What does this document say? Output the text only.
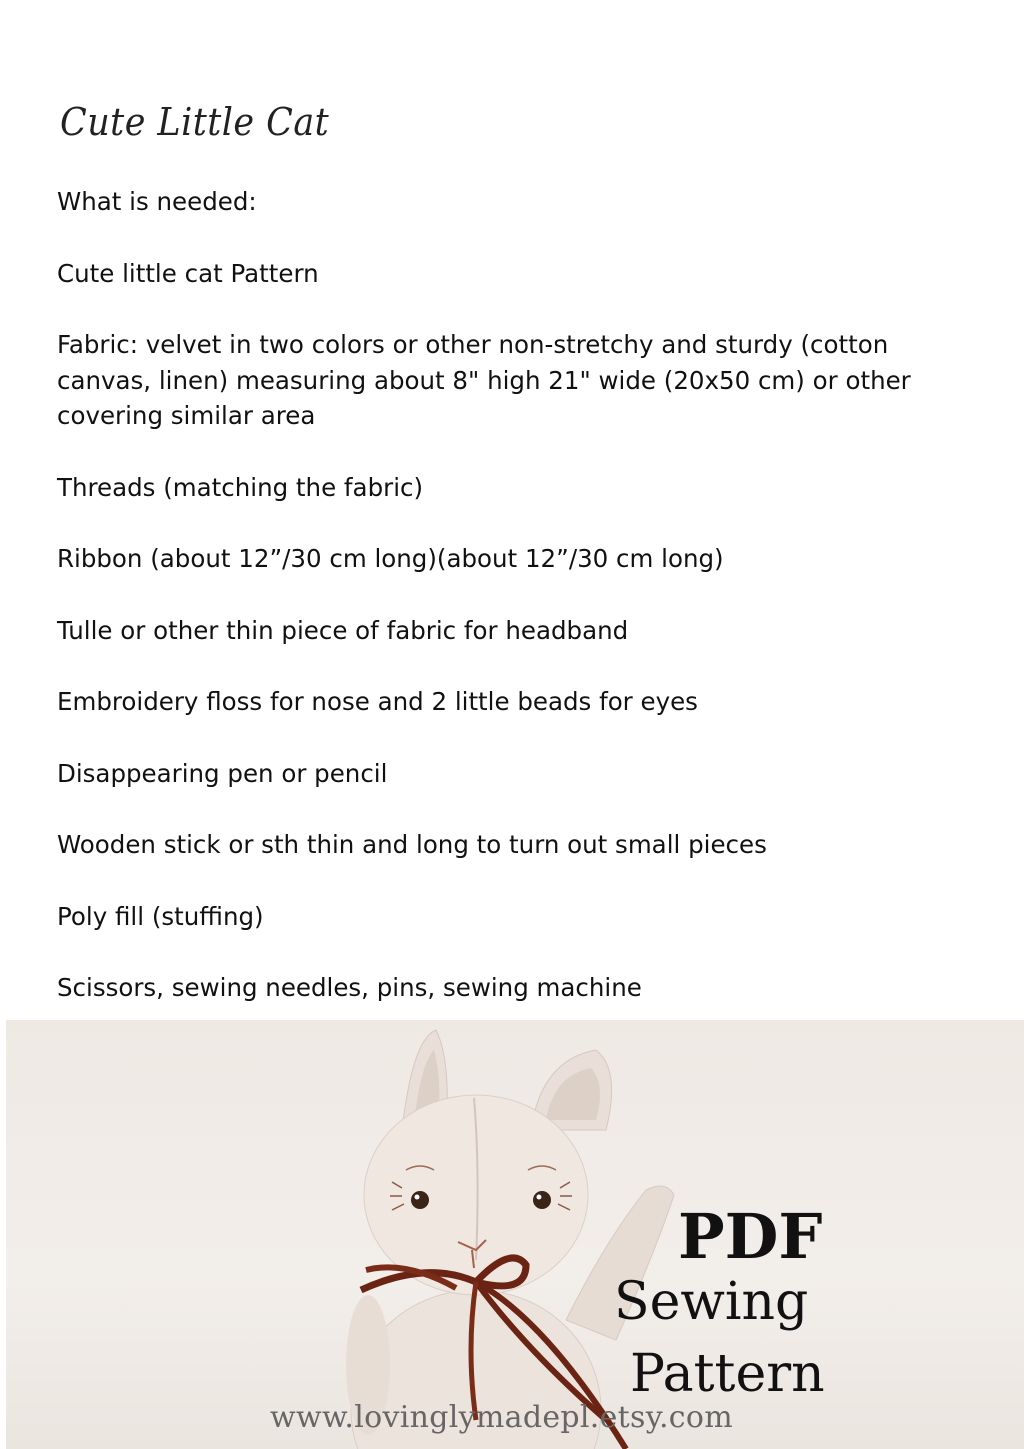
Cute Little Cat
What is needed:
Cute little cat Pattern
Fabric: velvet in two colors or other non-stretchy and sturdy (cotton canvas, linen) measuring about 8" high 21" wide (20x50 cm) or other covering similar area
Threads (matching the fabric)
Ribbon (about 12”/30 cm long)(about 12”/30 cm long)
Tulle or other thin piece of fabric for headband
Embroidery floss for nose and 2 little beads for eyes
Disappearing pen or pencil
Wooden stick or sth thin and long to turn out small pieces
Poly fill (stuffing)
Scissors, sewing needles, pins, sewing machine
PDF
Sewing
Pattern
www.lovinglymadepl.etsy.com
